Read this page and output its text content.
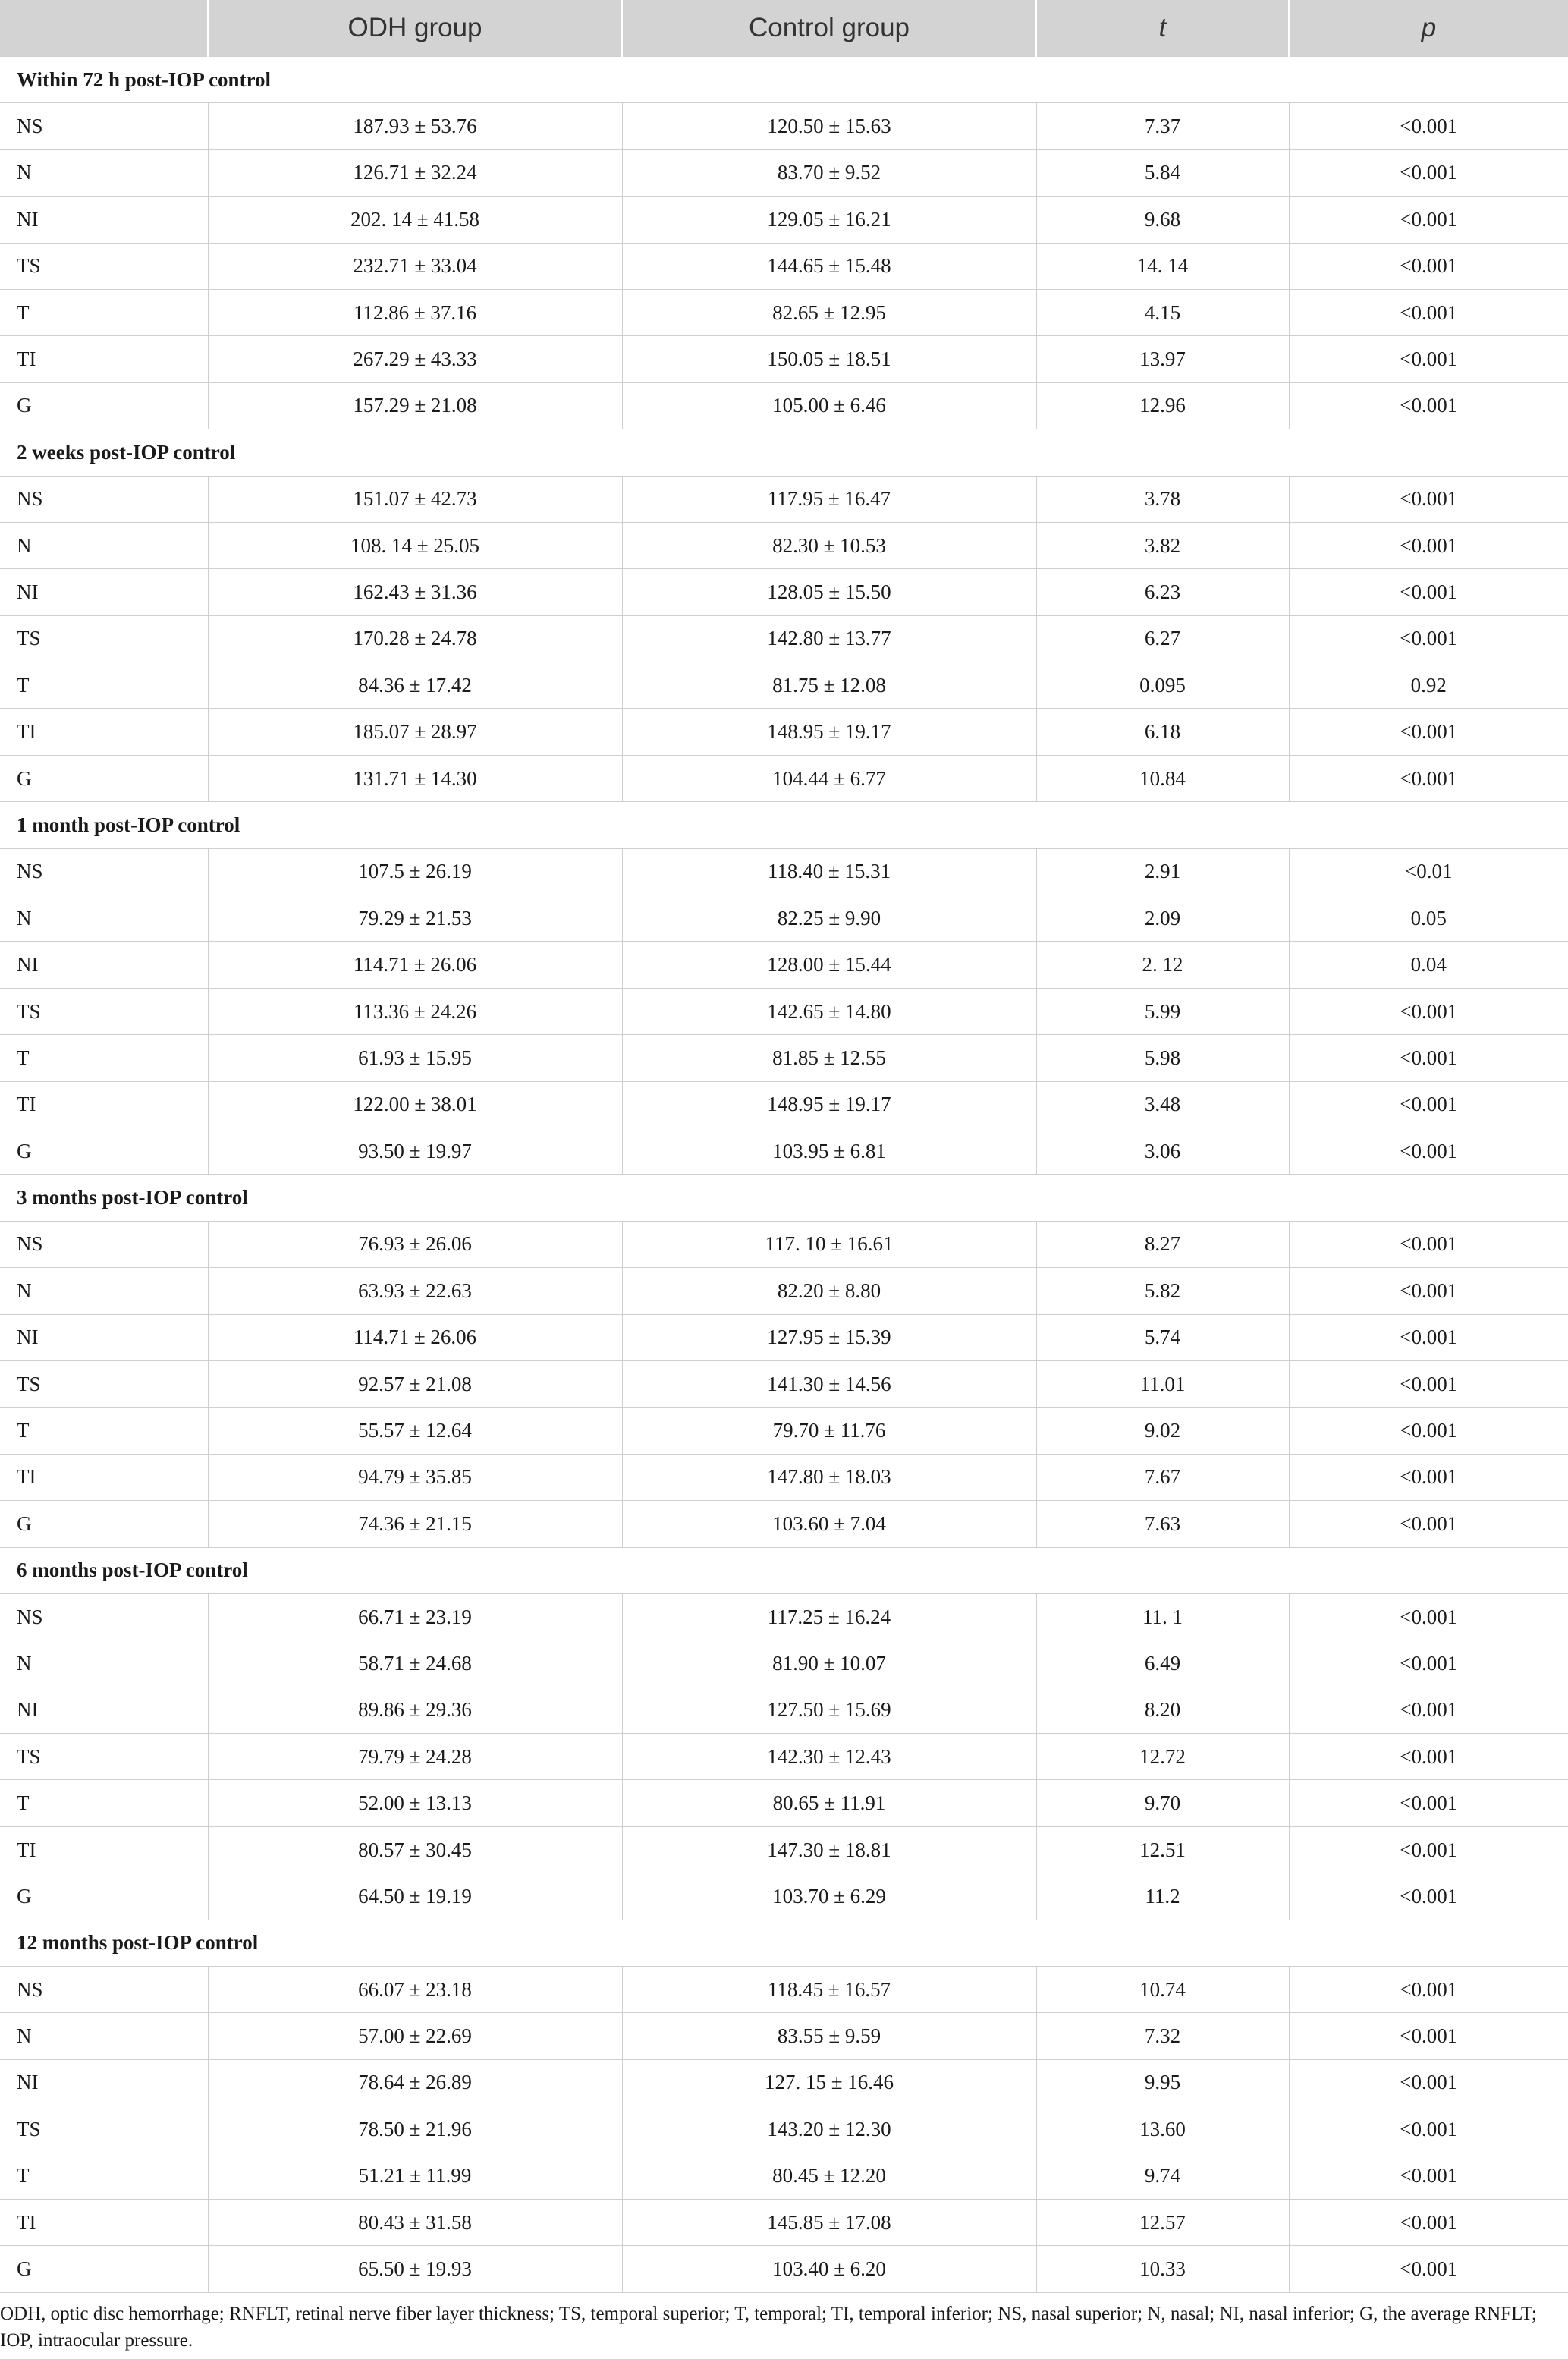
	ODH group	Control group	t	p
Within 72 h post-IOP control				
NS	187.93 ± 53.76	120.50 ± 15.63	7.37	<0.001
N	126.71 ± 32.24	83.70 ± 9.52	5.84	<0.001
NI	202. 14 ± 41.58	129.05 ± 16.21	9.68	<0.001
TS	232.71 ± 33.04	144.65 ± 15.48	14. 14	<0.001
T	112.86 ± 37.16	82.65 ± 12.95	4.15	<0.001
TI	267.29 ± 43.33	150.05 ± 18.51	13.97	<0.001
G	157.29 ± 21.08	105.00 ± 6.46	12.96	<0.001
2 weeks post-IOP control				
NS	151.07 ± 42.73	117.95 ± 16.47	3.78	<0.001
N	108. 14 ± 25.05	82.30 ± 10.53	3.82	<0.001
NI	162.43 ± 31.36	128.05 ± 15.50	6.23	<0.001
TS	170.28 ± 24.78	142.80 ± 13.77	6.27	<0.001
T	84.36 ± 17.42	81.75 ± 12.08	0.095	0.92
TI	185.07 ± 28.97	148.95 ± 19.17	6.18	<0.001
G	131.71 ± 14.30	104.44 ± 6.77	10.84	<0.001
1 month post-IOP control				
NS	107.5 ± 26.19	118.40 ± 15.31	2.91	<0.01
N	79.29 ± 21.53	82.25 ± 9.90	2.09	0.05
NI	114.71 ± 26.06	128.00 ± 15.44	2. 12	0.04
TS	113.36 ± 24.26	142.65 ± 14.80	5.99	<0.001
T	61.93 ± 15.95	81.85 ± 12.55	5.98	<0.001
TI	122.00 ± 38.01	148.95 ± 19.17	3.48	<0.001
G	93.50 ± 19.97	103.95 ± 6.81	3.06	<0.001
3 months post-IOP control				
NS	76.93 ± 26.06	117. 10 ± 16.61	8.27	<0.001
N	63.93 ± 22.63	82.20 ± 8.80	5.82	<0.001
NI	114.71 ± 26.06	127.95 ± 15.39	5.74	<0.001
TS	92.57 ± 21.08	141.30 ± 14.56	11.01	<0.001
T	55.57 ± 12.64	79.70 ± 11.76	9.02	<0.001
TI	94.79 ± 35.85	147.80 ± 18.03	7.67	<0.001
G	74.36 ± 21.15	103.60 ± 7.04	7.63	<0.001
6 months post-IOP control				
NS	66.71 ± 23.19	117.25 ± 16.24	11. 1	<0.001
N	58.71 ± 24.68	81.90 ± 10.07	6.49	<0.001
NI	89.86 ± 29.36	127.50 ± 15.69	8.20	<0.001
TS	79.79 ± 24.28	142.30 ± 12.43	12.72	<0.001
T	52.00 ± 13.13	80.65 ± 11.91	9.70	<0.001
TI	80.57 ± 30.45	147.30 ± 18.81	12.51	<0.001
G	64.50 ± 19.19	103.70 ± 6.29	11.2	<0.001
12 months post-IOP control				
NS	66.07 ± 23.18	118.45 ± 16.57	10.74	<0.001
N	57.00 ± 22.69	83.55 ± 9.59	7.32	<0.001
NI	78.64 ± 26.89	127. 15 ± 16.46	9.95	<0.001
TS	78.50 ± 21.96	143.20 ± 12.30	13.60	<0.001
T	51.21 ± 11.99	80.45 ± 12.20	9.74	<0.001
TI	80.43 ± 31.58	145.85 ± 17.08	12.57	<0.001
G	65.50 ± 19.93	103.40 ± 6.20	10.33	<0.001
ODH, optic disc hemorrhage; RNFLT, retinal nerve fiber layer thickness; TS, temporal superior; T, temporal; TI, temporal inferior; NS, nasal superior; N, nasal; NI, nasal inferior; G, the average RNFLT; IOP, intraocular pressure.
